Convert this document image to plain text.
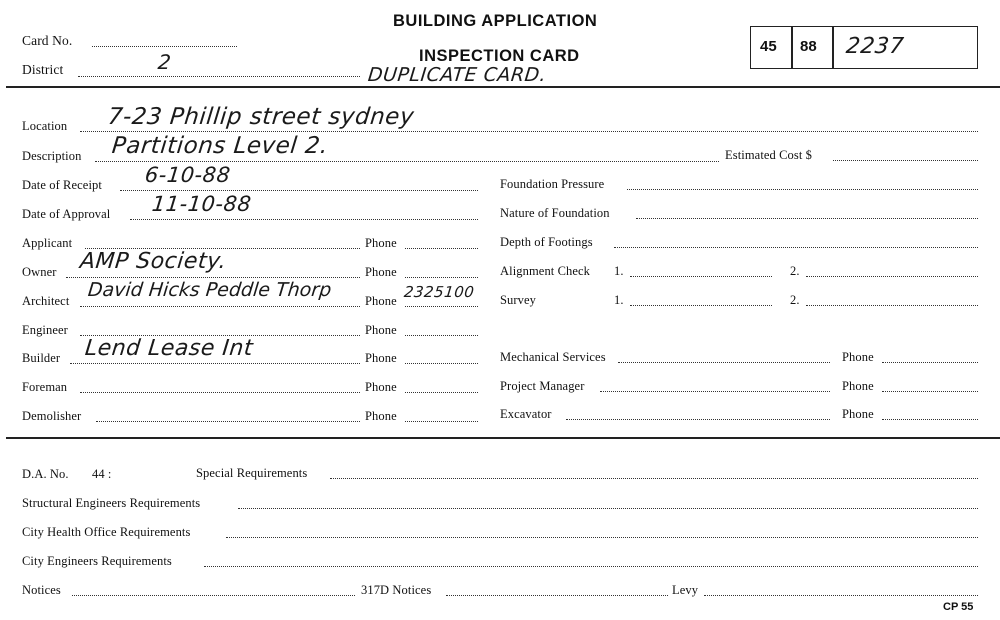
Card No.
District	2
BUILDING APPLICATION
INSPECTION CARD
DUPLICATE CARD.
45 88 2237
Location 7-23 Phillip street sydney
Description Partitions Level 2.	Estimated Cost $
Date of Receipt 6-10-88
Date of Approval 11-10-88
Applicant	Phone
Owner AMP Society.	Phone
Architect David Hicks Peddle Thorp	Phone 2325100
Engineer	Phone
Builder Lend Lease Int	Phone
Foreman	Phone
Demolisher	Phone
Foundation Pressure
Nature of Foundation
Depth of Footings
Alignment Check 1.	2.
Survey	1.	2.
Mechanical Services	Phone
Project Manager	Phone
Excavator	Phone
D.A. No. 44 :	Special Requirements
Structural Engineers Requirements
City Health Office Requirements
City Engineers Requirements
Notices	317D Notices	Levy
CP 55
